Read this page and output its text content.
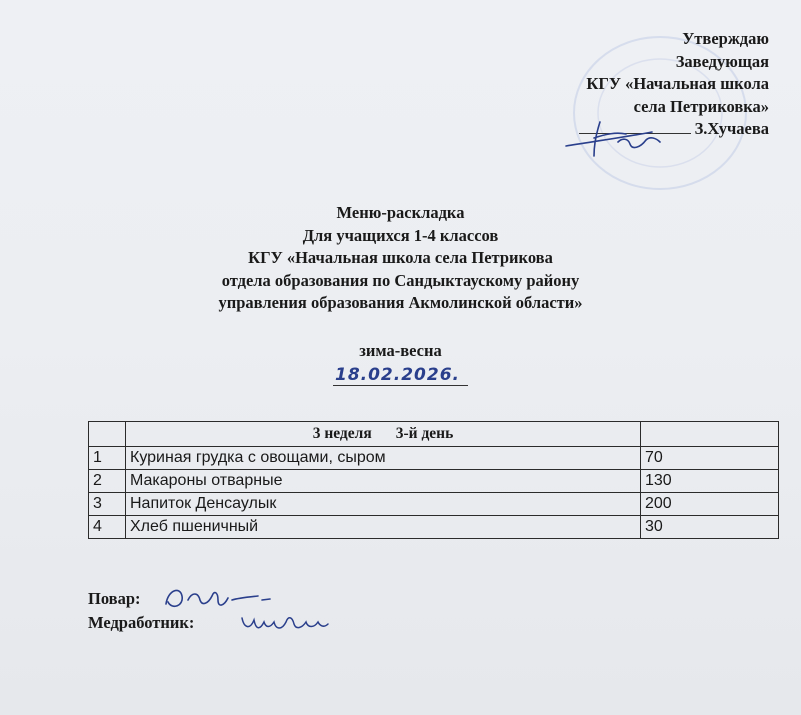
Утверждаю
Заведующая
КГУ «Начальная школа
села Петриковка»
З.Хучаева
Меню-раскладка
Для учащихся 1-4 классов
КГУ «Начальная школа села Петрикова
отдела образования по Сандыктаускому району
управления образования Акмолинской области»
зима-весна
18.02.2026.
	3 неделя 3-й день	
1	Куриная грудка с овощами, сыром	70
2	Макароны отварные	130
3	Напиток Денсаулык	200
4	Хлеб пшеничный	30
Повар:
Медработник:
